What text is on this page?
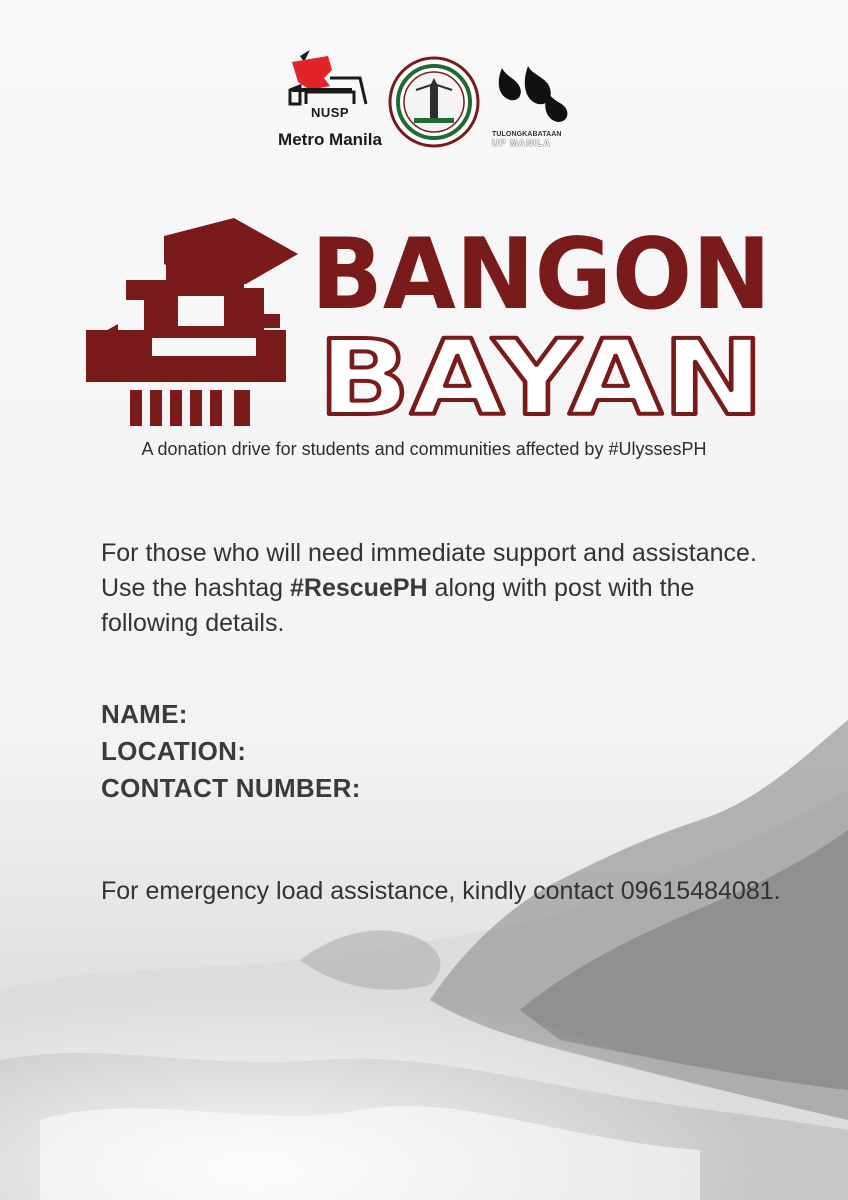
NUSP
Metro Manila	TULONGKABATAAN
UP MANILA
BANGON
BAYAN
A donation drive for students and communities affected by #UlyssesPH
For those who will need immediate support and assistance. Use the hashtag #RescuePH along with post with the following details.
NAME:
LOCATION:
CONTACT NUMBER:
For emergency load assistance, kindly contact 09615484081.
